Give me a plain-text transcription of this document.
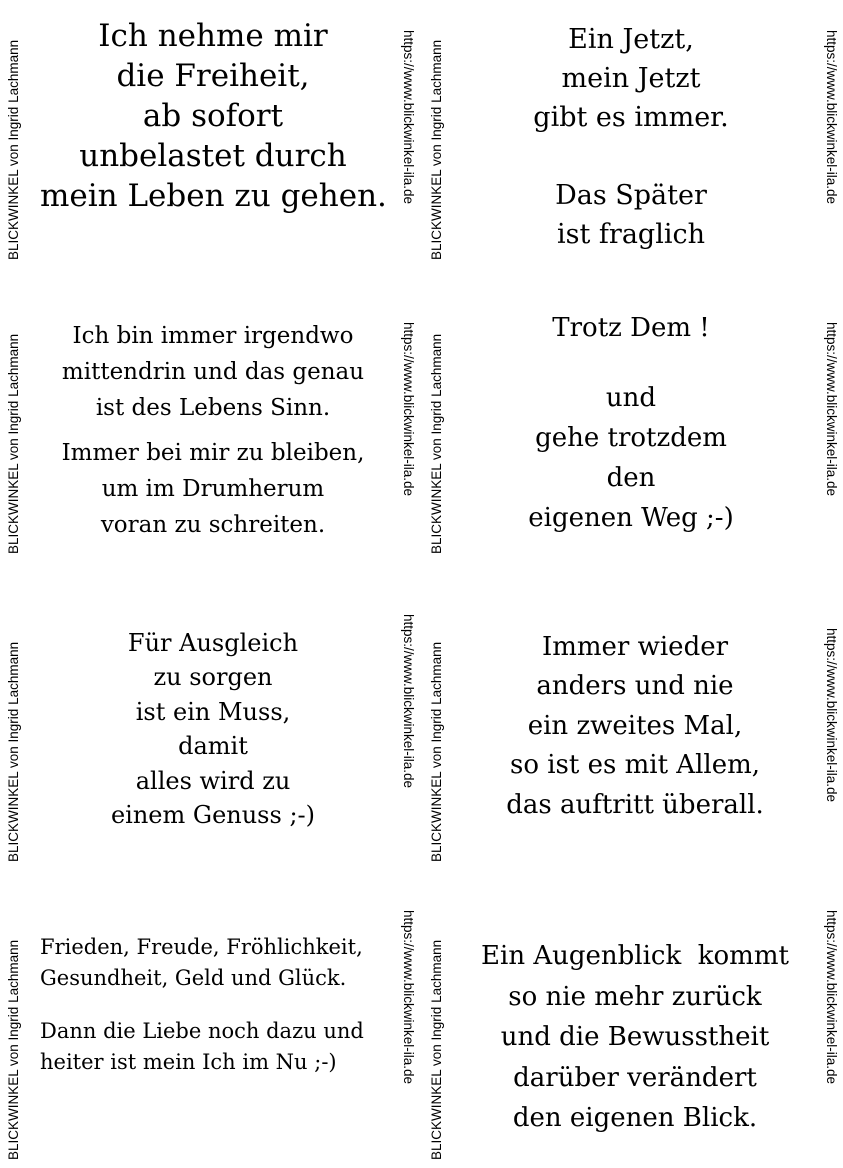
BLICKWINKEL von Ingrid Lachmann
Ich nehme mir
die Freiheit,
ab sofort
unbelastet durch
mein Leben zu gehen. https://www.blickwinkel-ila.de BLICKWINKEL von Ingrid Lachmann
Ein Jetzt,
mein Jetzt
gibt es immer.
Das Später
ist fraglich
https://www.blickwinkel-ila.de
BLICKWINKEL von Ingrid Lachmann	Ich bin immer irgendwo
mittendrin und das genau
ist des Lebens Sinn.
Immer bei mir zu bleiben,
um im Drumherum
voran zu schreiten.
https://www.blickwinkel-ila.de BLICKWINKEL von Ingrid Lachmann
Trotz Dem !
und
gehe trotzdem
den
eigenen Weg ;-)
https://www.blickwinkel-ila.de
BLICKWINKEL von Ingrid Lachmann	Für Ausgleich
zu sorgen
ist ein Muss,
damit
alles wird zu
einem Genuss ;-)
https://www.blickwinkel-ila.de BLICKWINKEL von Ingrid Lachmann	Immer wieder
anders und nie
ein zweites Mal,
so ist es mit Allem,
das auftritt überall.
https://www.blickwinkel-ila.de
BLICKWINKEL von Ingrid Lachmann Frieden, Freude, Fröhlichkeit,
Gesundheit, Geld und Glück.
Dann die Liebe noch dazu und
heiter ist mein Ich im Nu ;-)	https://www.blickwinkel-ila.de BLICKWINKEL von Ingrid Lachmann	Ein Augenblick  kommt
so nie mehr zurück
und die Bewusstheit
darüber verändert
den eigenen Blick.
https://www.blickwinkel-ila.de
